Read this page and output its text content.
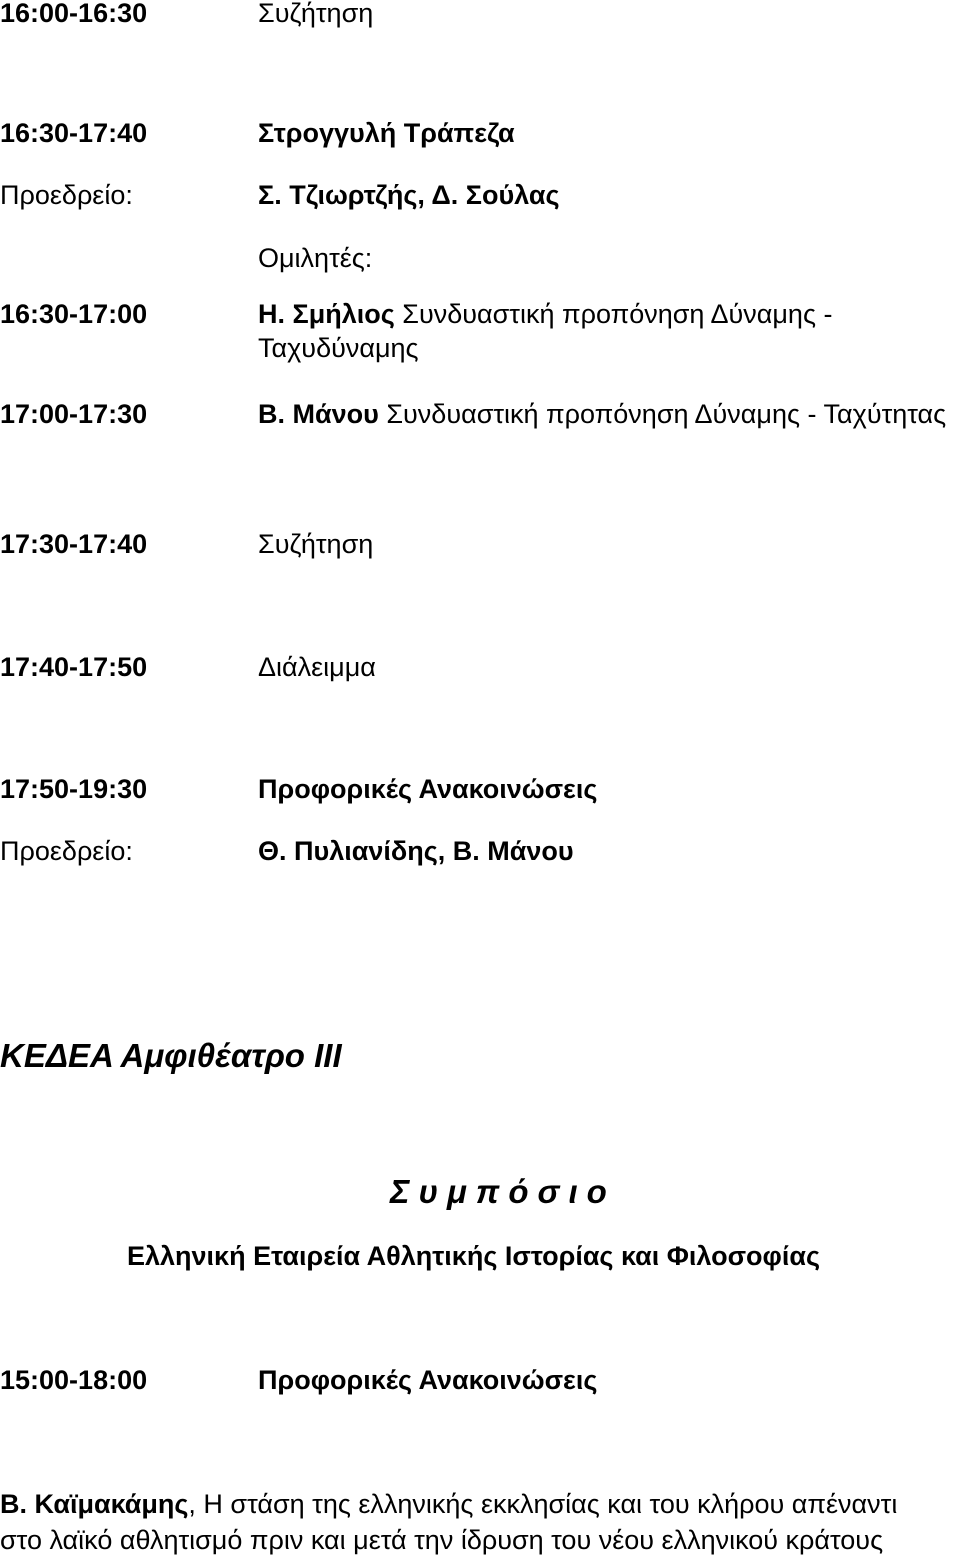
16:00-16:30	Συζήτηση
16:30-17:40	Στρογγυλή Τράπεζα
Προεδρείο:	Σ. Τζιωρτζής, Δ. Σούλας
Ομιλητές:
16:30-17:00	Η. Σμήλιος Συνδυαστική προπόνηση Δύναμης - Ταχυδύναμης
17:00-17:30	Β. Μάνου Συνδυαστική προπόνηση Δύναμης - Ταχύτητας
17:30-17:40	Συζήτηση
17:40-17:50	Διάλειμμα
17:50-19:30	Προφορικές Ανακοινώσεις
Προεδρείο:	Θ. Πυλιανίδης, Β. Μάνου
ΚΕΔΕΑ Αμφιθέατρο ΙΙΙ
Συμπόσιο
Ελληνική Εταιρεία Αθλητικής Ιστορίας και Φιλοσοφίας
15:00-18:00	Προφορικές Ανακοινώσεις
Β. Καϊμακάμης, Η στάση της ελληνικής εκκλησίας και του κλήρου απέναντι
στο λαϊκό αθλητισμό πριν και μετά την ίδρυση του νέου ελληνικού κράτους
